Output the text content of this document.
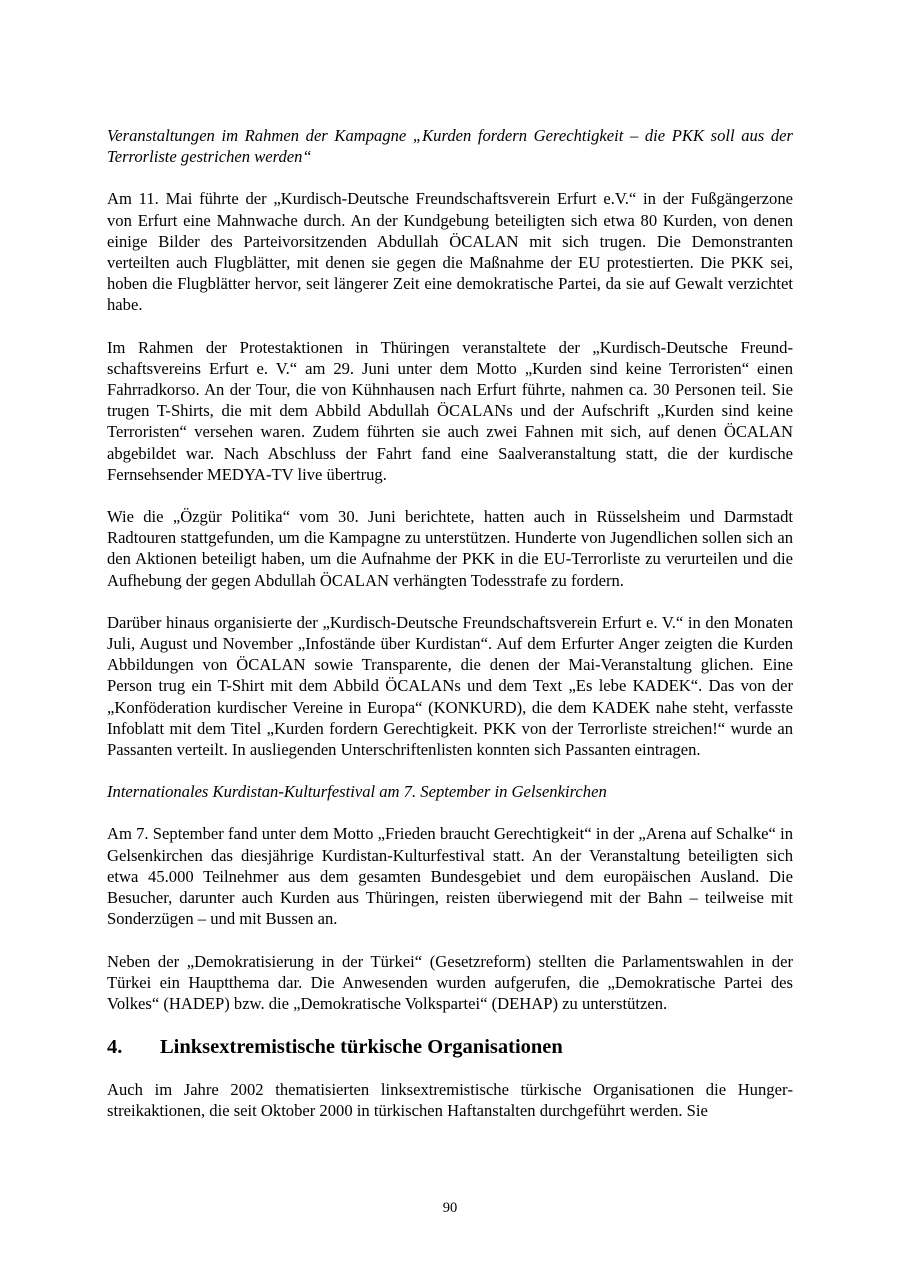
Veranstaltungen im Rahmen der Kampagne „Kurden fordern Gerechtigkeit – die PKK soll aus der Terrorliste gestrichen werden“

Am 11. Mai führte der „Kurdisch-Deutsche Freundschaftsverein Erfurt e.V.“ in der Fußgängerzone von Erfurt eine Mahnwache durch. An der Kundgebung beteiligten sich etwa 80 Kurden, von denen einige Bilder des Parteivorsitzenden Abdullah ÖCALAN mit sich trugen. Die Demonstranten verteilten auch Flugblätter, mit denen sie gegen die Maßnahme der EU protestierten. Die PKK sei, hoben die Flugblätter hervor, seit längerer Zeit eine demokratische Partei, da sie auf Gewalt verzichtet habe.

Im Rahmen der Protestaktionen in Thüringen veranstaltete der „Kurdisch-Deutsche Freundschaftsvereins Erfurt e. V.“ am 29. Juni unter dem Motto „Kurden sind keine Terroristen“ einen Fahrradkorso. An der Tour, die von Kühnhausen nach Erfurt führte, nahmen ca. 30 Personen teil. Sie trugen T-Shirts, die mit dem Abbild Abdullah ÖCALANs und der Aufschrift „Kurden sind keine Terroristen“ versehen waren. Zudem führten sie auch zwei Fahnen mit sich, auf denen ÖCALAN abgebildet war. Nach Abschluss der Fahrt fand eine Saalveranstaltung statt, die der kurdische Fernsehsender MEDYA-TV live übertrug.

Wie die „Özgür Politika“ vom 30. Juni berichtete, hatten auch in Rüsselsheim und Darmstadt Radtouren stattgefunden, um die Kampagne zu unterstützen. Hunderte von Jugendlichen sollen sich an den Aktionen beteiligt haben, um die Aufnahme der PKK in die EU-Terrorliste zu verurteilen und die Aufhebung der gegen Abdullah ÖCALAN verhängten Todesstrafe zu fordern.

Darüber hinaus organisierte der „Kurdisch-Deutsche Freundschaftsverein Erfurt e. V.“ in den Monaten Juli, August und November „Infostände über Kurdistan“. Auf dem Erfurter Anger zeigten die Kurden Abbildungen von ÖCALAN sowie Transparente, die denen der Mai-Veranstaltung glichen. Eine Person trug ein T-Shirt mit dem Abbild ÖCALANs und dem Text „Es lebe KADEK“. Das von der „Konföderation kurdischer Vereine in Europa“ (KONKURD), die dem KADEK nahe steht, verfasste Infoblatt mit dem Titel „Kurden fordern Gerechtigkeit. PKK von der Terrorliste streichen!“ wurde an Passanten verteilt. In ausliegenden Unterschriftenlisten konnten sich Passanten eintragen.

Internationales Kurdistan-Kulturfestival am 7. September in Gelsenkirchen

Am 7. September fand unter dem Motto „Frieden braucht Gerechtigkeit“ in der „Arena auf Schalke“ in Gelsenkirchen das diesjährige Kurdistan-Kulturfestival statt. An der Veranstaltung beteiligten sich etwa 45.000 Teilnehmer aus dem gesamten Bundesgebiet und dem europäischen Ausland. Die Besucher, darunter auch Kurden aus Thüringen, reisten überwiegend mit der Bahn – teilweise mit Sonderzügen – und mit Bussen an.

Neben der „Demokratisierung in der Türkei“ (Gesetzreform) stellten die Parlamentswahlen in der Türkei ein Hauptthema dar. Die Anwesenden wurden aufgerufen, die „Demokratische Partei des Volkes“ (HADEP) bzw. die „Demokratische Volkspartei“ (DEHAP) zu unterstützen.

4.	Linksextremistische türkische Organisationen

Auch im Jahre 2002 thematisierten linksextremistische türkische Organisationen die Hungerstreikaktionen, die seit Oktober 2000 in türkischen Haftanstalten durchgeführt werden. Sie

90
